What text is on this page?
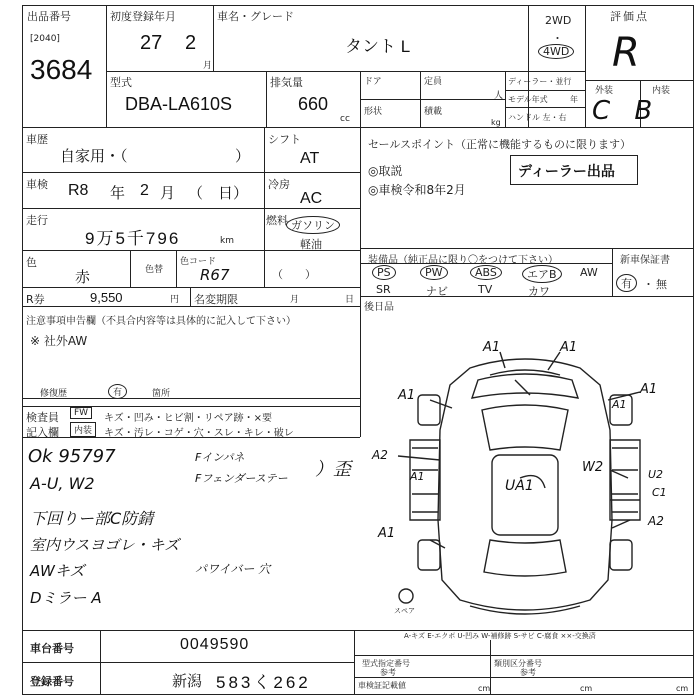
出品番号
[2040]
3684
初度登録年月
27 2
月
車名・グレード
タント L
2WD
・
4WD
評価点
R
型式
DBA-LA610S
排気量
660
cc
ドア
形状
定員
人
積載
kg
ディーラー・並行
モデル年式	年
ハンドル 左・右
外装	内装
C B
車歴
自家用・（	）
シフト
AT
車検 R8 年 2 月 （　日）
冷房
AC
走行
9万5千796	km
燃料 ガソリン
軽油
色
赤	色替
色コード
R67	（　　）
R券	9,550	円 名変期限	月	日
セールスポイント（正常に機能するものに限ります）
ディーラー出品
◎取説
◎車検令和8年2月
装備品（純正品に限り〇をつけて下さい）	新車保証書
有	・ 無
PS	PW	ABS	エアB	AW
SR	ナビ	TV	カワ
後日品
注意事項申告欄（不具合内容等は具体的に記入して下さい）
※ 社外AW
修復歴	有	箇所
検査員	FW	キズ・凹み・ヒビ割・リペア跡・×要
記入欄	内装	キズ・汚レ・コゲ・穴・スレ・キレ・破レ
Ok 95797
A-U, W2
下回りー部C防錆
室内ウスヨゴレ・キズ
AWキズ
Dミラー A
Fインパネ
Fフェンダーステー ）歪
パワイバー 穴
A1	A1
A1	A1
A2
UA1
W2	U2
C1
A2
A1
A1
A1
スペア
車台番号	0049590
登録番号	新潟 583く262
A-キズ E-エクボ U-凹み W-補修跡 S-サビ C-腐食 ××-交換済
型式指定番号
参考
類別区分番号
参考
車検証記載値	cm	cm	cm
